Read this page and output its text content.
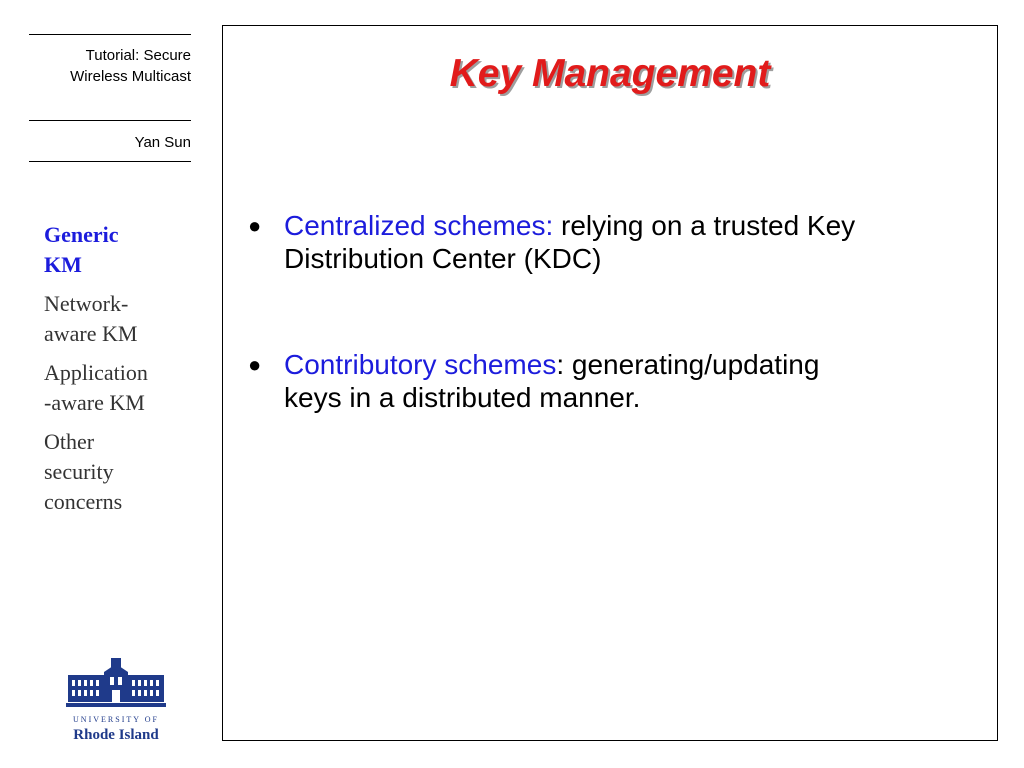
Tutorial: Secure
Wireless Multicast
Yan Sun
Generic
KM
Network-
aware KM
Application
-aware KM
Other
security
concerns
UNIVERSITY OF
Rhode Island
Key Management
● Centralized schemes: relying on a trusted Key
Distribution Center (KDC)
● Contributory schemes: generating/updating
keys in a distributed manner.
